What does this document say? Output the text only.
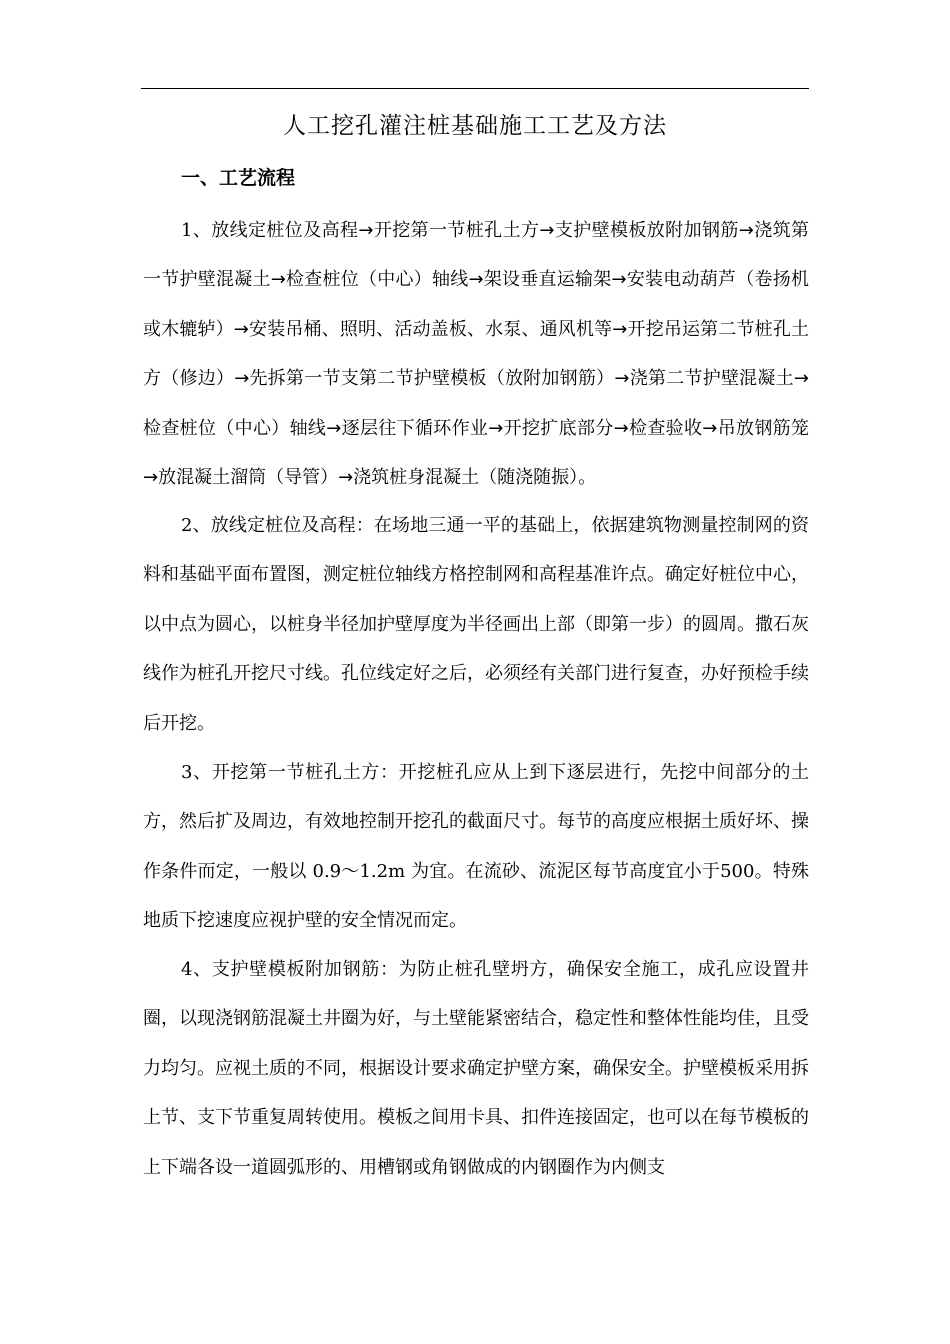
人工挖孔灌注桩基础施工工艺及方法
一、工艺流程

1、放线定桩位及高程→开挖第一节桩孔土方→支护壁模板放附加钢筋→浇筑第一节护壁混凝土→检查桩位（中心）轴线→架设垂直运输架→安装电动葫芦（卷扬机或木辘轳）→安装吊桶、照明、活动盖板、水泵、通风机等→开挖吊运第二节桩孔土方（修边）→先拆第一节支第二节护壁模板（放附加钢筋）→浇第二节护壁混凝土→检查桩位（中心）轴线→逐层往下循环作业→开挖扩底部分→检查验收→吊放钢筋笼→放混凝土溜筒（导管）→浇筑桩身混凝土（随浇随振）。

2、放线定桩位及高程：在场地三通一平的基础上，依据建筑物测量控制网的资料和基础平面布置图，测定桩位轴线方格控制网和高程基准许点。确定好桩位中心，以中点为圆心，以桩身半径加护壁厚度为半径画出上部（即第一步）的圆周。撒石灰线作为桩孔开挖尺寸线。孔位线定好之后，必须经有关部门进行复查，办好预检手续后开挖。

3、开挖第一节桩孔土方：开挖桩孔应从上到下逐层进行，先挖中间部分的土方，然后扩及周边，有效地控制开挖孔的截面尺寸。每节的高度应根据土质好坏、操作条件而定，一般以 0.9～1.2m 为宜。在流砂、流泥区每节高度宜小于500。特殊地质下挖速度应视护壁的安全情况而定。

4、支护壁模板附加钢筋：为防止桩孔壁坍方，确保安全施工，成孔应设置井圈，以现浇钢筋混凝土井圈为好，与土壁能紧密结合，稳定性和整体性能均佳，且受力均匀。应视土质的不同，根据设计要求确定护壁方案，确保安全。护壁模板采用拆上节、支下节重复周转使用。模板之间用卡具、扣件连接固定，也可以在每节模板的上下端各设一道圆弧形的、用槽钢或角钢做成的内钢圈作为内侧支
